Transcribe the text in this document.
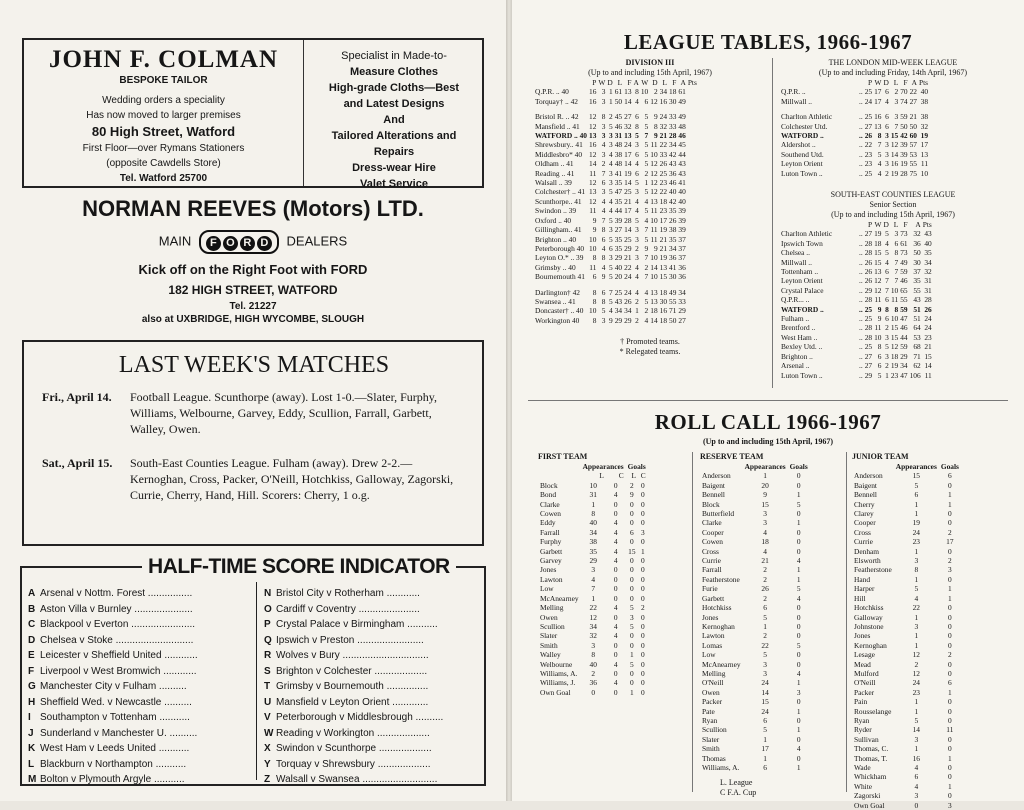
JOHN F. COLMAN
BESPOKE TAILOR
Wedding orders a speciality
Has now moved to larger premises
80 High Street, Watford
First Floor—over Rymans Stationers
(opposite Cawdells Store)
Tel. Watford 25700
Specialist in Made-to-
Measure Clothes
High-grade Cloths—Best
and Latest Designs
And
Tailored Alterations and
Repairs
Dress-wear Hire
Valet Service
NORMAN REEVES (Motors) LTD.
MAIN F O R D DEALERS
Kick off on the Right Foot with FORD
182 HIGH STREET, WATFORD
Tel. 21227
also at UXBRIDGE, HIGH WYCOMBE, SLOUGH
LAST WEEK'S MATCHES
Fri., April 14.	Football League. Scunthorpe (away). Lost 1-0.—Slater, Furphy, Williams, Welbourne, Garvey, Eddy, Scullion, Farrall, Garbett, Walley, Owen.
Sat., April 15.	South-East Counties League. Fulham (away). Drew 2-2.—Kernoghan, Cross, Packer, O'Neill, Hotchkiss, Galloway, Zagorski, Currie, Cherry, Hand, Hill. Scorers: Cherry, 1 o.g.
HALF-TIME SCORE INDICATOR
A Arsenal v Nottm. Forest ................
B Aston Villa v Burnley .....................
C Blackpool v Everton .......................
D Chelsea v Stoke ............................
E Leicester v Sheffield United ............
F Liverpool v West Bromwich ............
G Manchester City v Fulham ..........
H Sheffield Wed. v Newcastle ..........
I Southampton v Tottenham ...........
J Sunderland v Manchester U. ..........
K West Ham v Leeds United ...........
L Blackburn v Northampton ...........
M Bolton v Plymouth Argyle ...........
N Bristol City v Rotherham ............
O Cardiff v Coventry ......................
P Crystal Palace v Birmingham ...........
Q Ipswich v Preston ........................
R Wolves v Bury ...............................
S Brighton v Colchester ...................
T Grimsby v Bournemouth ...............
U Mansfield v Leyton Orient .............
V Peterborough v Middlesbrough ..........
W Reading v Workington ...................
X Swindon v Scunthorpe ...................
Y Torquay v Shrewsbury ...................
Z Walsall v Swansea ...........................
LEAGUE TABLES, 1966-1967
DIVISION III
(Up to and including 15th April, 1967)
	P	W	D	L	F	A	W	D	L	F	A	Pts
Q.P.R. .. 40	16	3	1	61	13	8	10	2	34	18	61	
Torquay† .. 42	16	3	1	50	14	4	6	12	16	30	49	

Bristol R. .. 42	12	8	2	45	27	6	5	9	24	33	49	
Mansfield .. 41	12	3	5	46	32	8	5	8	32	33	48	
WATFORD .. 40	13	3	3	31	13	5	7	9	21	28	46	
Shrewsbury.. 41	16	4	3	48	24	3	5	11	22	34	45	
Middlesbro* 40	12	3	4	38	17	6	5	10	33	42	44	
Oldham .. 41	14	2	4	48	14	4	5	12	26	43	43	
Reading .. 41	11	7	3	41	19	6	2	12	25	36	43	
Walsall .. 39	12	6	3	35	14	5	1	12	23	46	41	
Colchester† .. 41	13	3	5	47	25	3	5	12	22	40	40	
Scunthorpe.. 41	12	4	4	35	21	4	4	13	18	42	40	
Swindon .. 39	11	4	4	44	17	4	5	11	23	35	39	
Oxford .. 40	9	7	5	39	28	5	4	10	17	26	39	
Gillingham.. 41	9	8	3	27	14	3	7	11	19	38	39	
Brighton .. 40	10	6	5	35	25	3	5	11	21	35	37	
Peterborough 40	10	4	6	35	29	2	9	9	21	34	37	
Leyton O.* .. 39	8	8	3	29	21	3	7	10	19	36	37	
Grimsby .. 40	11	4	5	40	22	4	2	14	13	41	36	
Bournemouth 41	6	9	5	20	24	4	7	10	15	30	36	

Darlington† 42	8	6	7	25	24	4	4	13	18	49	34	
Swansea .. 41	8	8	5	43	26	2	5	13	30	55	33	
Doncaster† .. 40	10	5	4	34	34	1	2	18	16	71	29	
Workington 40	8	3	9	29	29	2	4	14	18	50	27	
† Promoted teams.
* Relegated teams.
THE LONDON MID-WEEK LEAGUE
(Up to and including Friday, 14th April, 1967)
		P	W	D	L	F	A	Pts
Q.P.R. ..	..	25	17	6	2	70	22	40
Millwall ..	..	24	17	4	3	74	27	38

Charlton Athletic	..	25	16	6	3	59	21	38
Colchester Utd.	..	27	13	6	7	50	50	32
WATFORD ..	..	26	8	3	15	42	60	19
Aldershot ..	..	22	7	3	12	39	57	17
Southend Utd.	..	23	5	3	14	39	53	13
Leyton Orient	..	23	4	3	16	19	55	11
Luton Town ..	..	25	4	2	19	28	75	10
SOUTH-EAST COUNTIES LEAGUE
Senior Section
(Up to and including 15th April, 1967)
		P	W	D	L	F	A	Pts
Charlton Athletic	..	27	19	5	3	73	32	43
Ipswich Town	..	28	18	4	6	61	36	40
Chelsea ..	..	28	15	5	8	73	50	35
Millwall ..	..	26	15	4	7	49	30	34
Tottenham ..	..	26	13	6	7	59	37	32
Leyton Orient	..	26	12	7	7	46	35	31
Crystal Palace	..	29	12	7	10	65	55	31
Q.P.R... ..	..	28	11	6	11	55	43	28
WATFORD ..	..	25	9	8	8	59	51	26
Fulham ..	..	25	9	6	10	47	51	24
Brentford ..	..	28	11	2	15	46	64	24
West Ham ..	..	28	10	3	15	44	53	23
Bexley Utd. ..	..	25	8	5	12	59	68	21
Brighton ..	..	27	6	3	18	29	71	15
Arsenal ..	..	27	6	2	19	34	62	14
Luton Town ..	..	29	5	1	23	47	106	11
ROLL CALL 1966-1967
(Up to and including 15th April, 1967)
FIRST TEAM
	Appearances		Goals	
	L	C	L	C
Block	10	0	2	0
Bond	31	4	9	0
Clarke	1	0	0	0
Cowen	8	0	0	0
Eddy	40	4	0	0
Farrall	34	4	6	3
Furphy	38	4	0	0
Garbett	35	4	15	1
Garvey	29	4	0	0
Jones	3	0	0	0
Lawton	4	0	0	0
Low	7	0	0	0
McAnearney	1	0	0	0
Melling	22	4	5	2
Owen	12	0	3	0
Scullion	34	4	5	0
Slater	32	4	0	0
Smith	3	0	0	0
Walley	8	0	1	0
Welbourne	40	4	5	0
Williams, A.	2	0	0	0
Williams, J.	36	4	0	0
Own Goal	0	0	1	0
RESERVE TEAM
	Appearances	Goals
Anderson	1	0
Baigent	20	0
Bennell	9	1
Block	15	5
Butterfield	3	0
Clarke	3	1
Cooper	4	0
Cowen	18	0
Cross	4	0
Currie	21	4
Farrall	2	1
Featherstone	2	1
Furie	26	5
Garbett	2	4
Hotchkiss	6	0
Jones	5	0
Kernoghan	1	0
Lawton	2	0
Lomas	22	5
Low	5	0
McAnearney	3	0
Melling	3	4
O'Neill	24	1
Owen	14	3
Packer	15	0
Pate	24	1
Ryan	6	0
Scullion	5	1
Slater	1	0
Smith	17	4
Thomas	1	0
Williams, A.	6	1
L. League
C F.A. Cup
JUNIOR TEAM
	Appearances	Goals
Anderson	15	6
Baigent	5	0
Bennell	6	1
Cherry	1	1
Clarey	1	0
Cooper	19	0
Cross	24	2
Currie	23	17
Denham	1	0
Elsworth	3	2
Featherstone	8	3
Hand	1	0
Harper	5	1
Hill	4	1
Hotchkiss	22	0
Galloway	1	0
Johnstone	3	0
Jones	1	0
Kernoghan	1	0
Lesage	12	2
Mead	2	0
Mulford	12	0
O'Neill	24	6
Packer	23	1
Pain	1	0
Rousselange	1	0
Ryan	5	0
Ryder	14	11
Sullivan	3	0
Thomas, C.	1	0
Thomas, T.	16	1
Wade	4	0
Whickham	6	0
White	4	1
Zagorski	3	0
Own Goal	0	3
